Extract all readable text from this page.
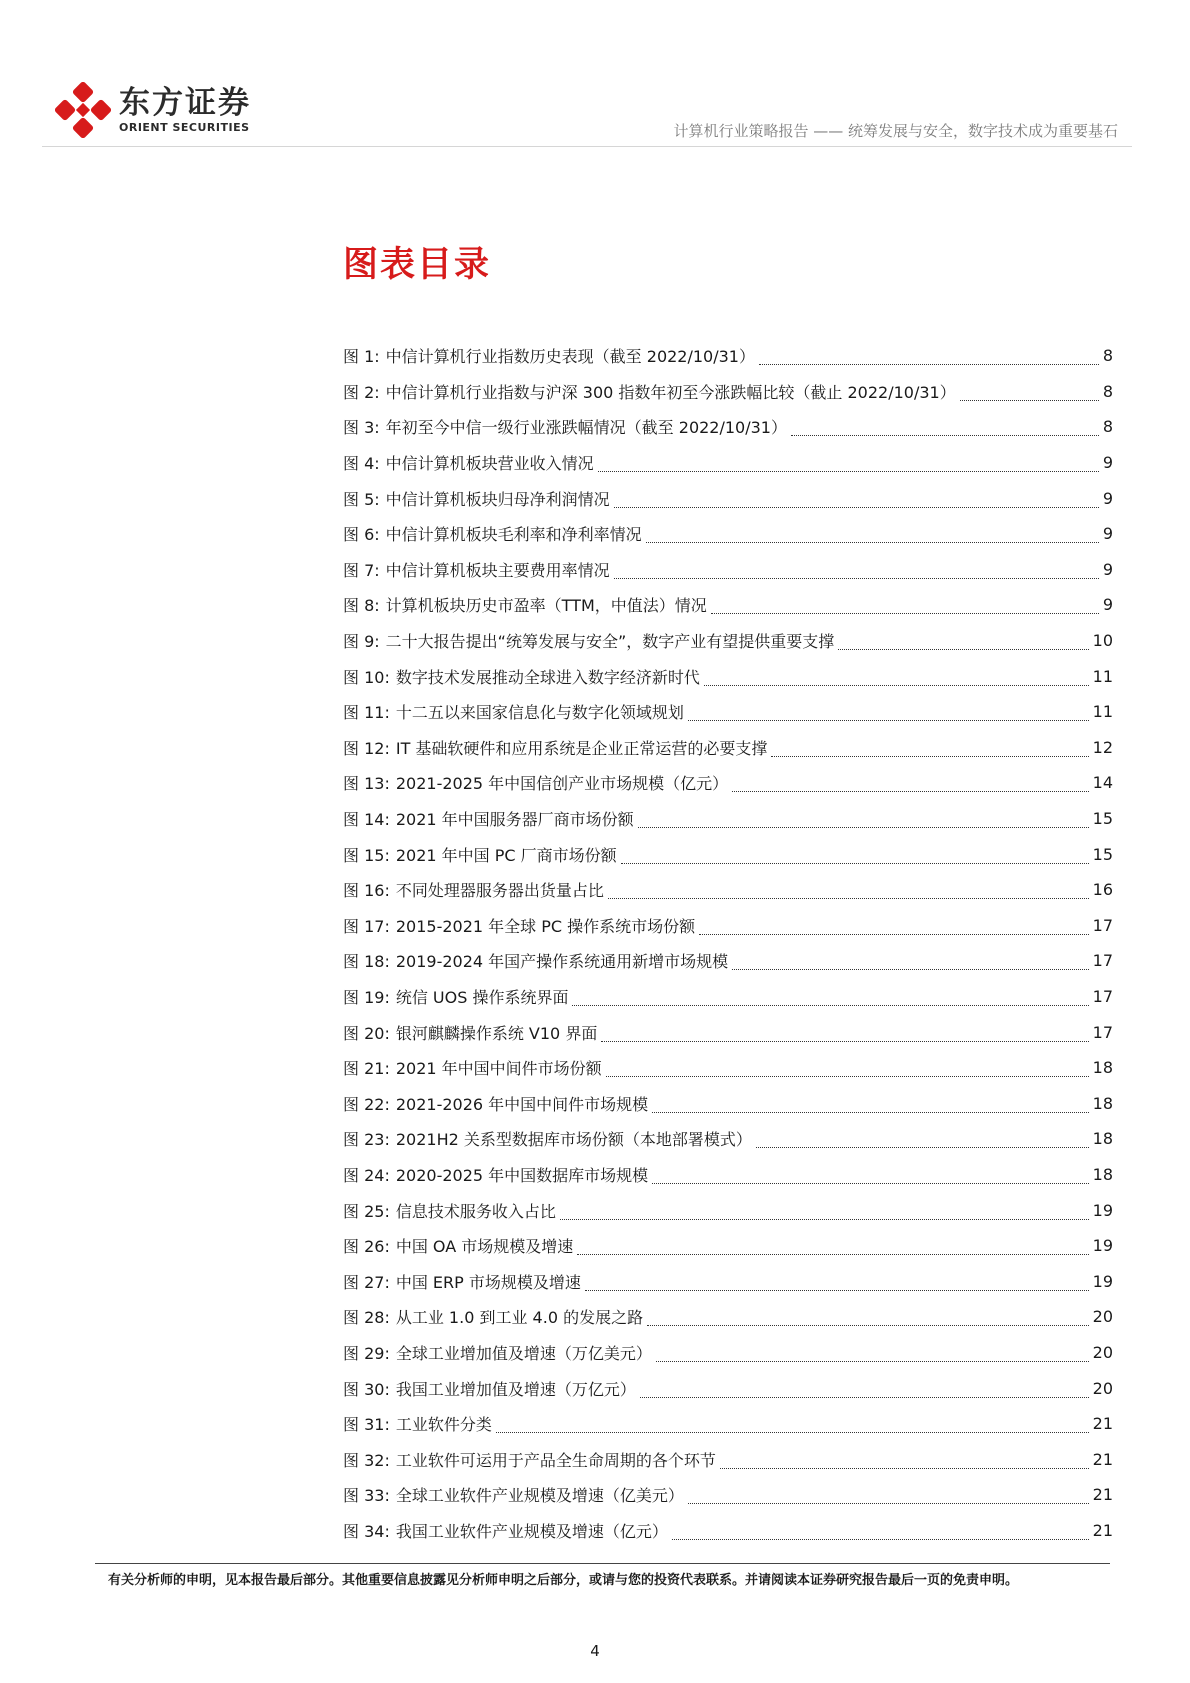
东方证券
ORIENT SECURITIES	计算机行业策略报告 —— 统筹发展与安全，数字技术成为重要基石
图表目录
图 1: 中信计算机行业指数历史表现（截至 2022/10/31）	8
图 2: 中信计算机行业指数与沪深 300 指数年初至今涨跌幅比较（截止 2022/10/31）	8
图 3: 年初至今中信一级行业涨跌幅情况（截至 2022/10/31）	8
图 4: 中信计算机板块营业收入情况	9
图 5: 中信计算机板块归母净利润情况	9
图 6: 中信计算机板块毛利率和净利率情况	9
图 7: 中信计算机板块主要费用率情况	9
图 8: 计算机板块历史市盈率（TTM，中值法）情况	9
图 9: 二十大报告提出“统筹发展与安全”，数字产业有望提供重要支撑	10
图 10: 数字技术发展推动全球进入数字经济新时代	11
图 11: 十二五以来国家信息化与数字化领域规划	11
图 12: IT 基础软硬件和应用系统是企业正常运营的必要支撑	12
图 13: 2021-2025 年中国信创产业市场规模（亿元）	14
图 14: 2021 年中国服务器厂商市场份额	15
图 15: 2021 年中国 PC 厂商市场份额	15
图 16: 不同处理器服务器出货量占比	16
图 17: 2015-2021 年全球 PC 操作系统市场份额	17
图 18: 2019-2024 年国产操作系统通用新增市场规模	17
图 19: 统信 UOS 操作系统界面	17
图 20: 银河麒麟操作系统 V10 界面	17
图 21: 2021 年中国中间件市场份额	18
图 22: 2021-2026 年中国中间件市场规模	18
图 23: 2021H2 关系型数据库市场份额（本地部署模式）	18
图 24: 2020-2025 年中国数据库市场规模	18
图 25: 信息技术服务收入占比	19
图 26: 中国 OA 市场规模及增速	19
图 27: 中国 ERP 市场规模及增速	19
图 28: 从工业 1.0 到工业 4.0 的发展之路	20
图 29: 全球工业增加值及增速（万亿美元）	20
图 30: 我国工业增加值及增速（万亿元）	20
图 31: 工业软件分类	21
图 32: 工业软件可运用于产品全生命周期的各个环节	21
图 33: 全球工业软件产业规模及增速（亿美元）	21
图 34: 我国工业软件产业规模及增速（亿元）	21
有关分析师的申明，见本报告最后部分。其他重要信息披露见分析师申明之后部分，或请与您的投资代表联系。并请阅读本证券研究报告最后一页的免责申明。
4
